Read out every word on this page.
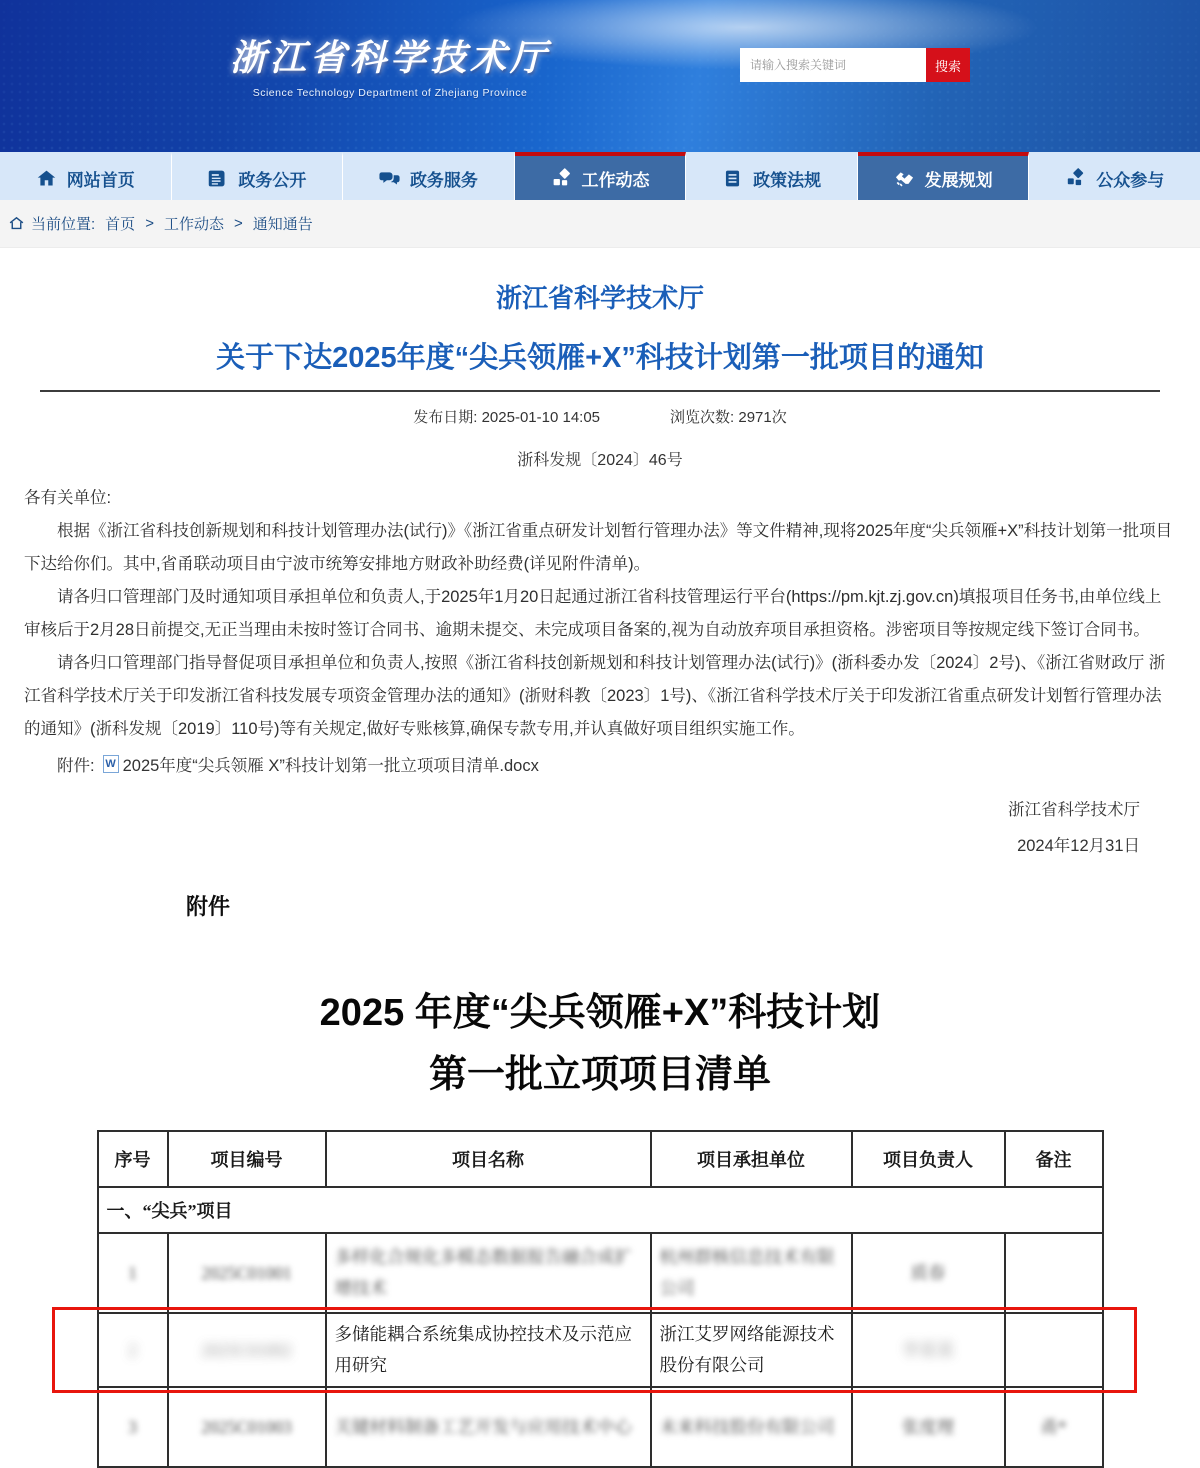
浙江省科学技术厅
Science Technology Department of Zhejiang Province
请输入搜索关键词
搜索
网站首页	政务公开	政务服务	工作动态	政策法规	发展规划	公众参与
当前位置: 首页 > 工作动态 > 通知通告
浙江省科学技术厅
关于下达2025年度“尖兵领雁+X”科技计划第一批项目的通知
发布日期: 2025-01-10 14:05	浏览次数: 2971次
浙科发规〔2024〕46号

各有关单位:

根据《浙江省科技创新规划和科技计划管理办法(试行)》《浙江省重点研发计划暂行管理办法》等文件精神,现将2025年度“尖兵领雁+X”科技计划第一批项目下达给你们。其中,省甬联动项目由宁波市统筹安排地方财政补助经费(详见附件清单)。

请各归口管理部门及时通知项目承担单位和负责人,于2025年1月20日起通过浙江省科技管理运行平台(https://pm.kjt.zj.gov.cn)填报项目任务书,由单位线上审核后于2月28日前提交,无正当理由未按时签订合同书、逾期未提交、未完成项目备案的,视为自动放弃项目承担资格。涉密项目等按规定线下签订合同书。

请各归口管理部门指导督促项目承担单位和负责人,按照《浙江省科技创新规划和科技计划管理办法(试行)》(浙科委办发〔2024〕2号)、《浙江省财政厅 浙江省科学技术厅关于印发浙江省科技发展专项资金管理办法的通知》(浙财科教〔2023〕1号)、《浙江省科学技术厅关于印发浙江省重点研发计划暂行管理办法的通知》(浙科发规〔2019〕110号)等有关规定,做好专账核算,确保专款专用,并认真做好项目组织实施工作。

附件: W 2025年度“尖兵领雁 X”科技计划第一批立项项目清单.docx
浙江省科学技术厅
2024年12月31日
附件
2025 年度“尖兵领雁+X”科技计划
第一批立项项目清单
序号	项目编号	项目名称	项目承担单位	项目负责人	备注
一、“尖兵”项目					
1	2025C01001	多样化合规化多模态数据报告融合成扩增技术	杭州群核信息技术有限公司	质春	
2	2025C01002	多储能耦合系统集成协控技术及示范应用研究	浙江艾罗网络能源技术股份有限公司	李某某	
3	2025C01003	关键材料制备工艺开发与应用技术中心	未来科技股份有限公司	张度理	甬*
